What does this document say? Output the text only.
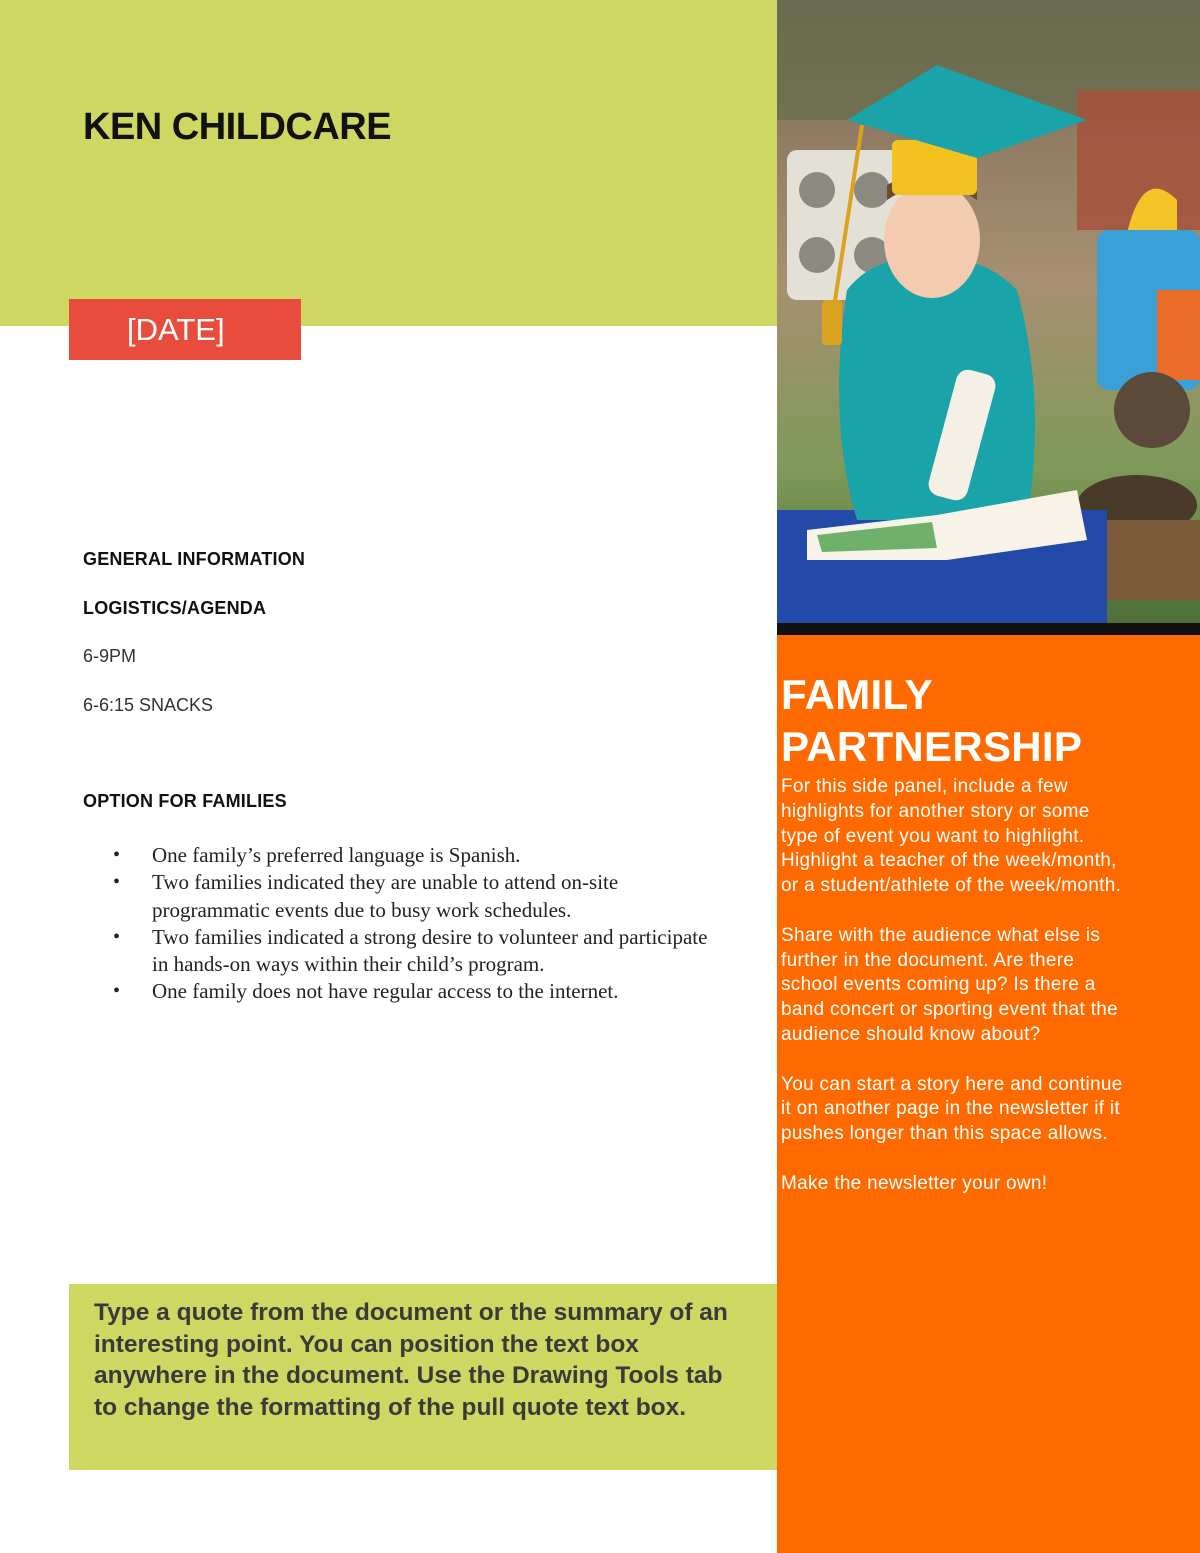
KEN CHILDCARE
[DATE]
FAMILY PARTNERSHIP

For this side panel, include a few highlights for another story or some type of event you want to highlight. Highlight a teacher of the week/month, or a student/athlete of the week/month.

Share with the audience what else is further in the document. Are there school events coming up? Is there a band concert or sporting event that the audience should know about?

You can start a story here and continue it on another page in the newsletter if it pushes longer than this space allows.

Make the newsletter your own!

GENERAL INFORMATION
LOGISTICS/AGENDA

6-9PM

6-6:15 SNACKS

OPTION FOR FAMILIES
• One family’s preferred language is Spanish.
• Two families indicated they are unable to attend on-site programmatic events due to busy work schedules.
• Two families indicated a strong desire to volunteer and participate in hands-on ways within their child’s program.
• One family does not have regular access to the internet.

Type a quote from the document or the summary of an interesting point. You can position the text box anywhere in the document. Use the Drawing Tools tab to change the formatting of the pull quote text box.
